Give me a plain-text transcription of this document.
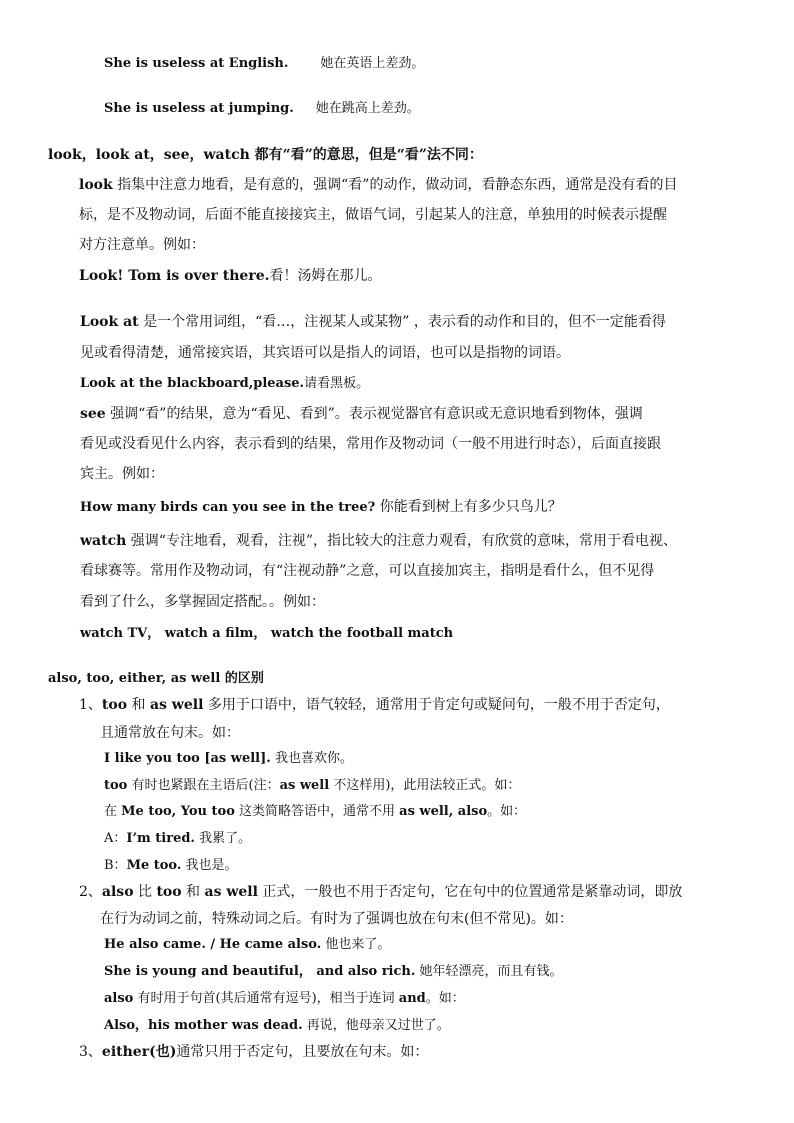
She is useless at English. 她在英语上差劲。
She is useless at jumping. 她在跳高上差劲。
look，look at，see，watch 都有“看”的意思，但是“看”法不同：
look 指集中注意力地看，是有意的，强调“看”的动作，做动词，看静态东西，通常是没有看的目
标，是不及物动词，后面不能直接接宾主，做语气词，引起某人的注意，单独用的时候表示提醒
对方注意单。例如：
Look! Tom is over there.看！汤姆在那儿。
Look at 是一个常用词组，“看…，注视某人或某物” ，表示看的动作和目的，但不一定能看得
见或看得清楚，通常接宾语，其宾语可以是指人的词语，也可以是指物的词语。
Look at the blackboard,please.请看黑板。
see 强调“看”的结果，意为“看见、看到”。表示视觉器官有意识或无意识地看到物体，强调
看见或没看见什么内容，表示看到的结果，常用作及物动词（一般不用进行时态），后面直接跟
宾主。例如：
How many birds can you see in the tree? 你能看到树上有多少只鸟儿？
watch 强调“专注地看，观看，注视”，指比较大的注意力观看，有欣赏的意味，常用于看电视、
看球赛等。常用作及物动词，有“注视动静”之意，可以直接加宾主，指明是看什么，但不见得
看到了什么，多掌握固定搭配。。例如：
watch TV， watch a film， watch the football match
also, too, either, as well 的区别
1、too 和 as well 多用于口语中，语气较轻，通常用于肯定句或疑问句，一般不用于否定句，
且通常放在句末。如：
I like you too [as well]. 我也喜欢你。
too 有时也紧跟在主语后(注：as well 不这样用)，此用法较正式。如：
在 Me too, You too 这类简略答语中，通常不用 as well, also。如：
A：I’m tired. 我累了。
B：Me too. 我也是。
2、also 比 too 和 as well 正式，一般也不用于否定句，它在句中的位置通常是紧靠动词，即放
在行为动词之前，特殊动词之后。有时为了强调也放在句末(但不常见)。如：
He also came. / He came also. 他也来了。
She is young and beautiful， and also rich. 她年轻漂亮，而且有钱。
also 有时用于句首(其后通常有逗号)，相当于连词 and。如：
Also，his mother was dead. 再说，他母亲又过世了。
3、either(也)通常只用于否定句，且要放在句末。如：
